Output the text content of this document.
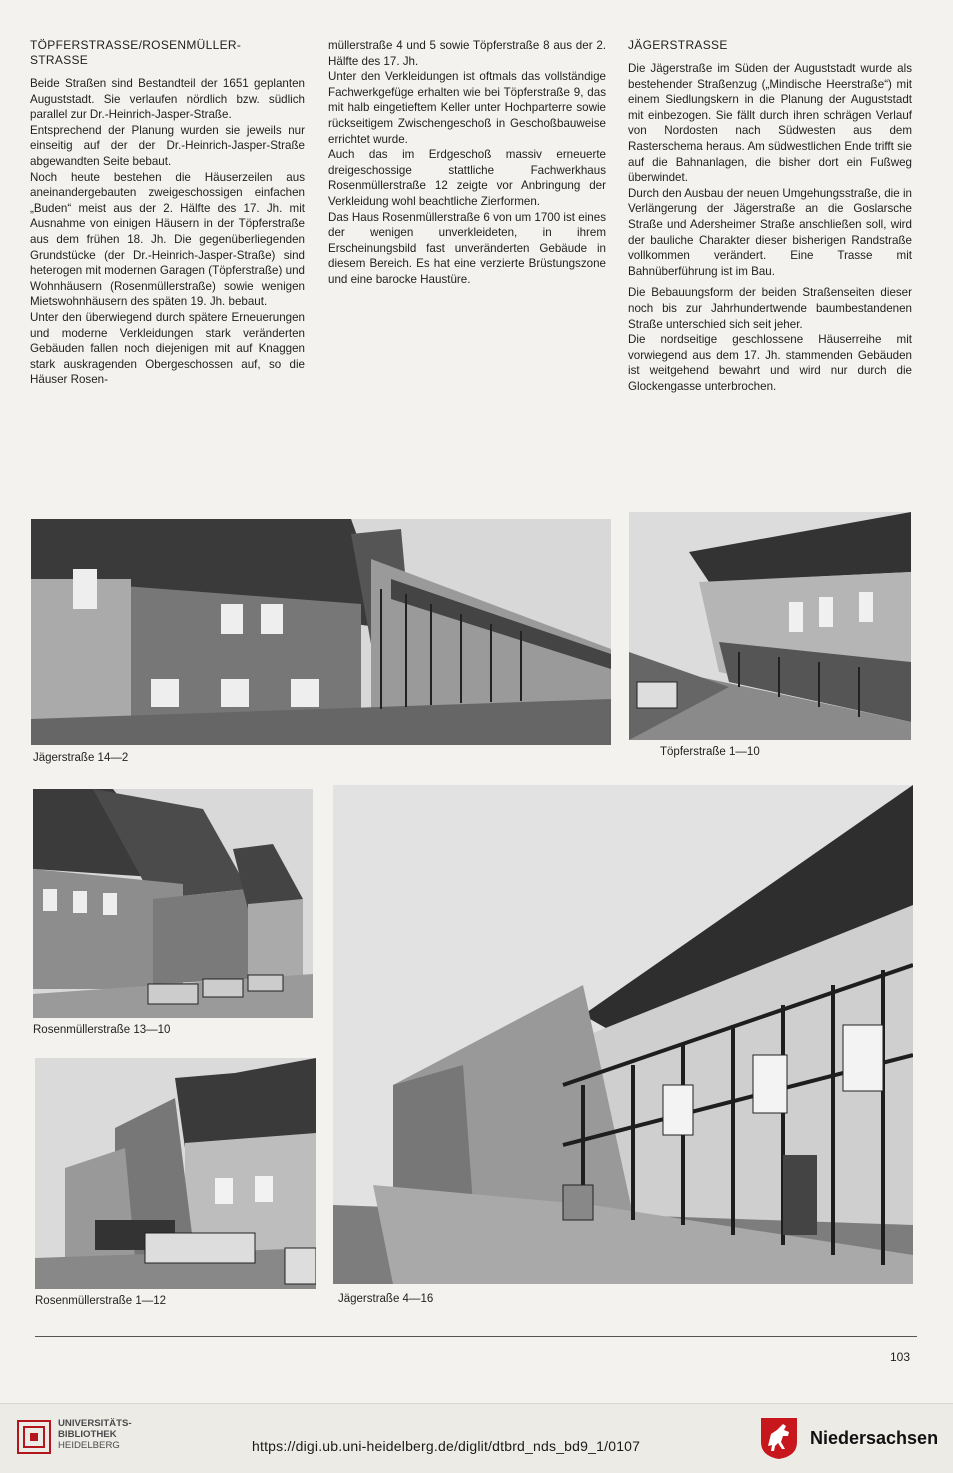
TÖPFERSTRASSE/ROSENMÜLLER-
STRASSE

Beide Straßen sind Bestandteil der 1651 geplanten Auguststadt. Sie verlaufen nördlich bzw. südlich parallel zur Dr.-Heinrich-Jasper-Straße.

Entsprechend der Planung wurden sie jeweils nur einseitig auf der der Dr.-Heinrich-Jasper-Straße abgewandten Seite bebaut.

Noch heute bestehen die Häuserzeilen aus aneinandergebauten zweigeschossigen einfachen „Buden“ meist aus der 2. Hälfte des 17. Jh. mit Ausnahme von einigen Häusern in der Töpferstraße aus dem frühen 18. Jh. Die gegenüberliegenden Grundstücke (der Dr.-Heinrich-Jasper-Straße) sind heterogen mit modernen Garagen (Töpferstraße) und Wohnhäusern (Rosenmüllerstraße) sowie wenigen Mietswohnhäusern des späten 19. Jh. bebaut.

Unter den überwiegend durch spätere Erneuerungen und moderne Verkleidungen stark veränderten Gebäuden fallen noch diejenigen mit auf Knaggen stark auskragenden Obergeschossen auf, so die Häuser Rosen-

müllerstraße 4 und 5 sowie Töpferstraße 8 aus der 2. Hälfte des 17. Jh.

Unter den Verkleidungen ist oftmals das vollständige Fachwerkgefüge erhalten wie bei Töpferstraße 9, das mit halb eingetieftem Keller unter Hochparterre sowie rückseitigem Zwischengeschoß in Geschoßbauweise errichtet wurde.

Auch das im Erdgeschoß massiv erneuerte dreigeschossige stattliche Fachwerkhaus Rosenmüllerstraße 12 zeigte vor Anbringung der Verkleidung wohl beachtliche Zierformen.

Das Haus Rosenmüllerstraße 6 von um 1700 ist eines der wenigen unverkleideten, in ihrem Erscheinungsbild fast unveränderten Gebäude in diesem Bereich. Es hat eine verzierte Brüstungszone und eine barocke Haustüre.

JÄGERSTRASSE

Die Jägerstraße im Süden der Auguststadt wurde als bestehender Straßenzug („Mindische Heerstraße“) mit einem Siedlungskern in die Planung der Auguststadt mit einbezogen. Sie fällt durch ihren schrägen Verlauf von Nordosten nach Südwesten aus dem Rasterschema heraus. Am südwestlichen Ende trifft sie auf die Bahnanlagen, die bisher dort ein Fußweg überwindet.

Durch den Ausbau der neuen Umgehungsstraße, die in Verlängerung der Jägerstraße an die Goslarsche Straße und Adersheimer Straße anschließen soll, wird der bauliche Charakter dieser bisherigen Randstraße vollkommen verändert. Eine Trasse mit Bahnüberführung ist im Bau.

Die Bebauungsform der beiden Straßenseiten dieser noch bis zur Jahrhundertwende baumbestandenen Straße unterschied sich seit jeher.

Die nordseitige geschlossene Häuserreihe mit vorwiegend aus dem 17. Jh. stammenden Gebäuden ist weitgehend bewahrt und wird nur durch die Glockengasse unterbrochen.

Jägerstraße 14—2	Töpferstraße 1—10
Rosenmüllerstraße 13—10
Rosenmüllerstraße 1—12	Jägerstraße 4—16
103
UNIVERSITÄTS-
BIBLIOTHEK
HEIDELBERG	https://digi.ub.uni-heidelberg.de/diglit/dtbrd_nds_bd9_1/0107	Niedersachsen
